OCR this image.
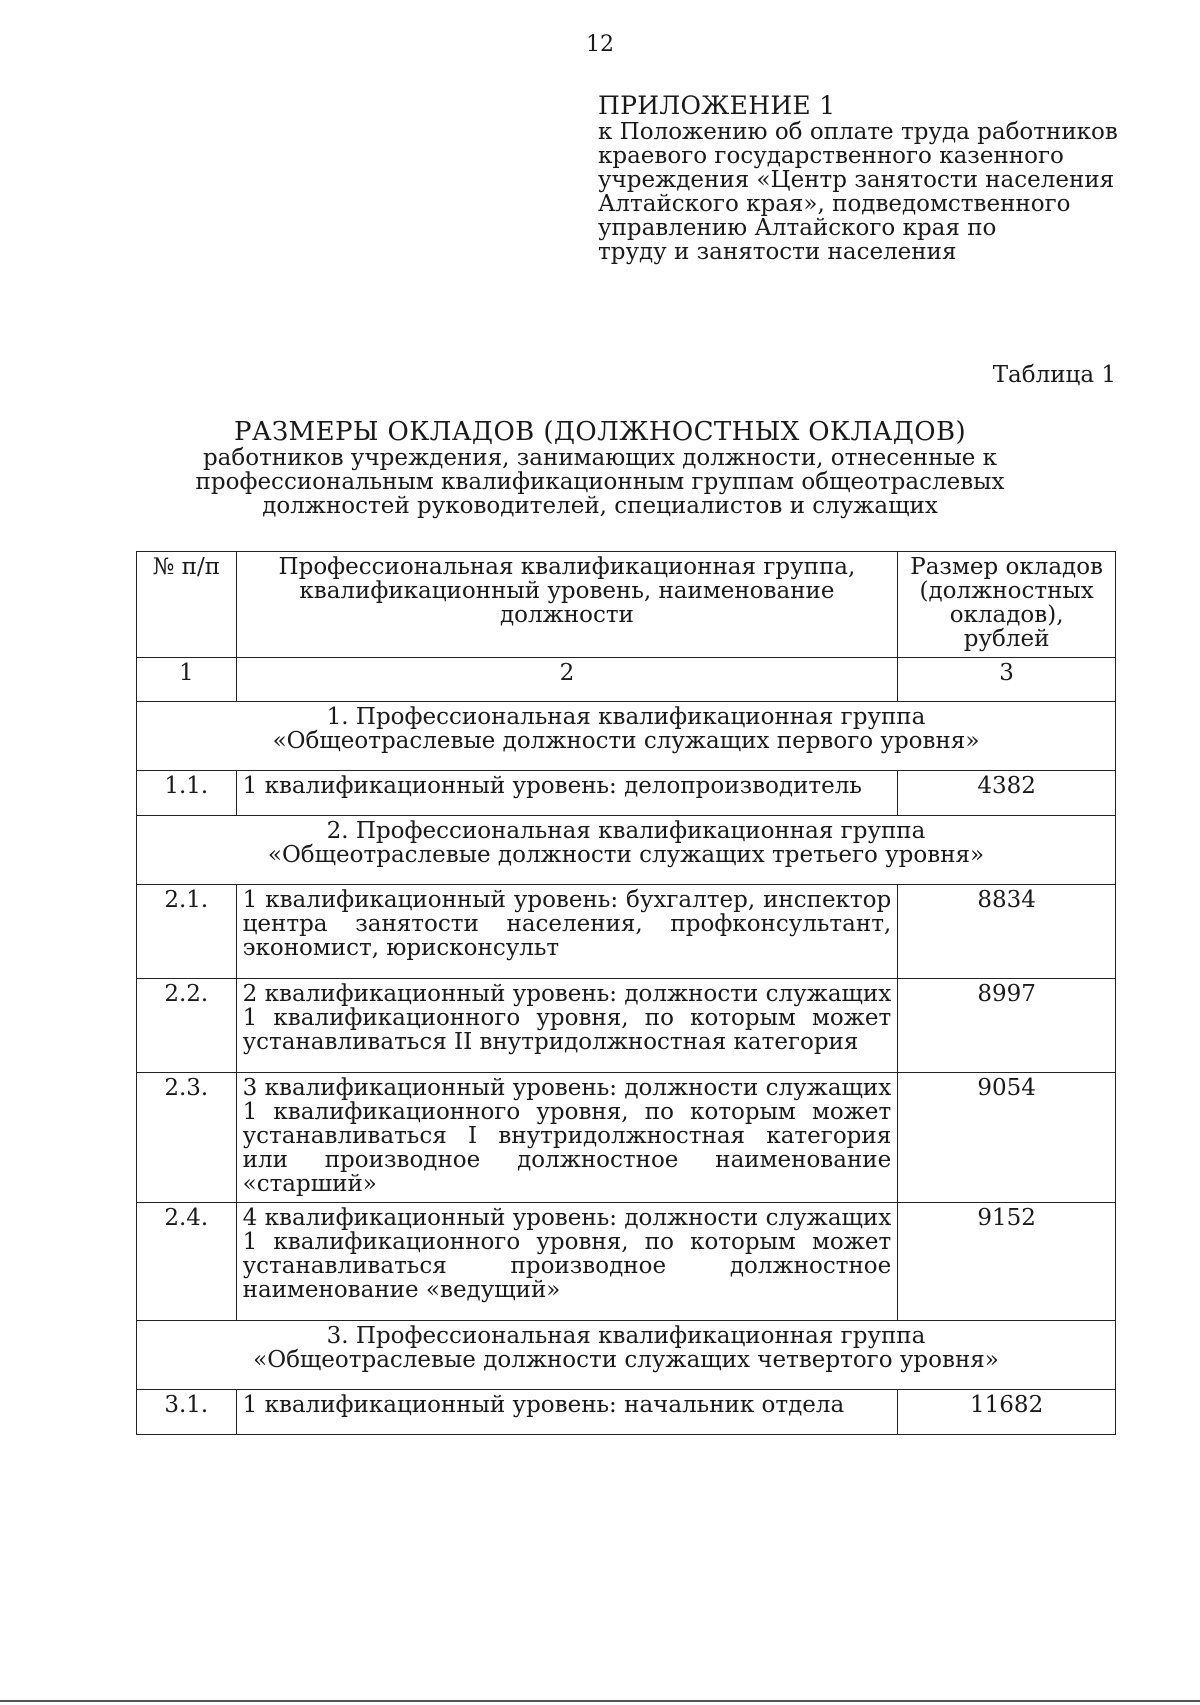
12
ПРИЛОЖЕНИЕ 1
к Положению об оплате труда работников
краевого государственного казенного
учреждения «Центр занятости населения
Алтайского края», подведомственного
управлению Алтайского края по
труду и занятости населения
Таблица 1
РАЗМЕРЫ ОКЛАДОВ (ДОЛЖНОСТНЫХ ОКЛАДОВ)
работников учреждения, занимающих должности, отнесенные к
профессиональным квалификационным группам общеотраслевых
должностей руководителей, специалистов и служащих
№ п/п	Профессиональная квалификационная группа, квалификационный уровень, наименование должности	Размер окладов (должностных окладов), рублей
1	2	3

1. Профессиональная квалификационная группа
«Общеотраслевые должности служащих первого уровня»		

1.1.	1 квалификационный уровень: делопроизводитель	4382

2. Профессиональная квалификационная группа
«Общеотраслевые должности служащих третьего уровня»		

2.1.	1 квалификационный уровень: бухгалтер, инспектор центра занятости населения, профконсультант, экономист, юрисконсульт	8834
2.2.	2 квалификационный уровень: должности служащих 1 квалификационного уровня, по которым может устанавливаться II внутридолжностная категория	8997
2.3.	3 квалификационный уровень: должности служащих 1 квалификационного уровня, по которым может устанавливаться I внутридолжностная категория или производное должностное наименование «старший»	9054
2.4.	4 квалификационный уровень: должности служащих 1 квалификационного уровня, по которым может устанавливаться производное должностное наименование «ведущий»	9152

3. Профессиональная квалификационная группа
«Общеотраслевые должности служащих четвертого уровня»		

3.1.	1 квалификационный уровень: начальник отдела	11682
